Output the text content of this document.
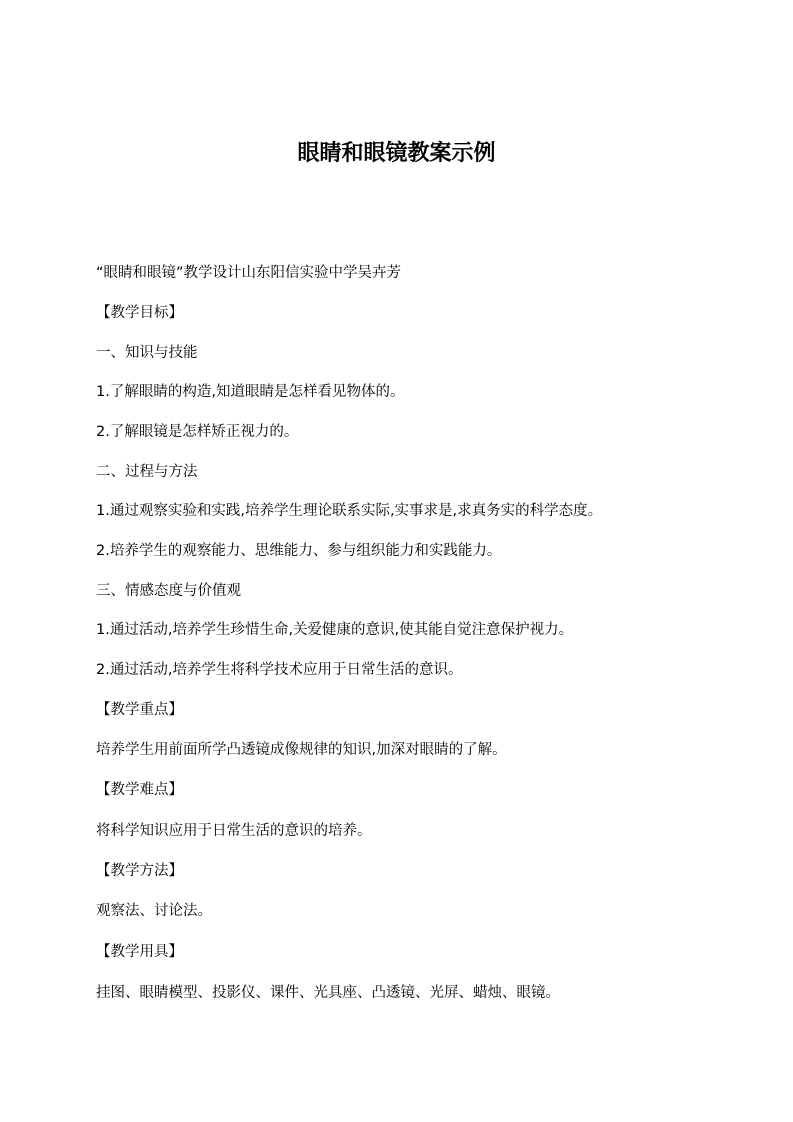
眼睛和眼镜教案示例
“眼睛和眼镜”教学设计山东阳信实验中学吴卉芳
【教学目标】
一、知识与技能
1.了解眼睛的构造,知道眼睛是怎样看见物体的。
2.了解眼镜是怎样矫正视力的。
二、过程与方法
1.通过观察实验和实践,培养学生理论联系实际,实事求是,求真务实的科学态度。
2.培养学生的观察能力、思维能力、参与组织能力和实践能力。
三、情感态度与价值观
1.通过活动,培养学生珍惜生命,关爱健康的意识,使其能自觉注意保护视力。
2.通过活动,培养学生将科学技术应用于日常生活的意识。
【教学重点】
培养学生用前面所学凸透镜成像规律的知识,加深对眼睛的了解。
【教学难点】
将科学知识应用于日常生活的意识的培养。
【教学方法】
观察法、讨论法。
【教学用具】
挂图、眼睛模型、投影仪、课件、光具座、凸透镜、光屏、蜡烛、眼镜。
